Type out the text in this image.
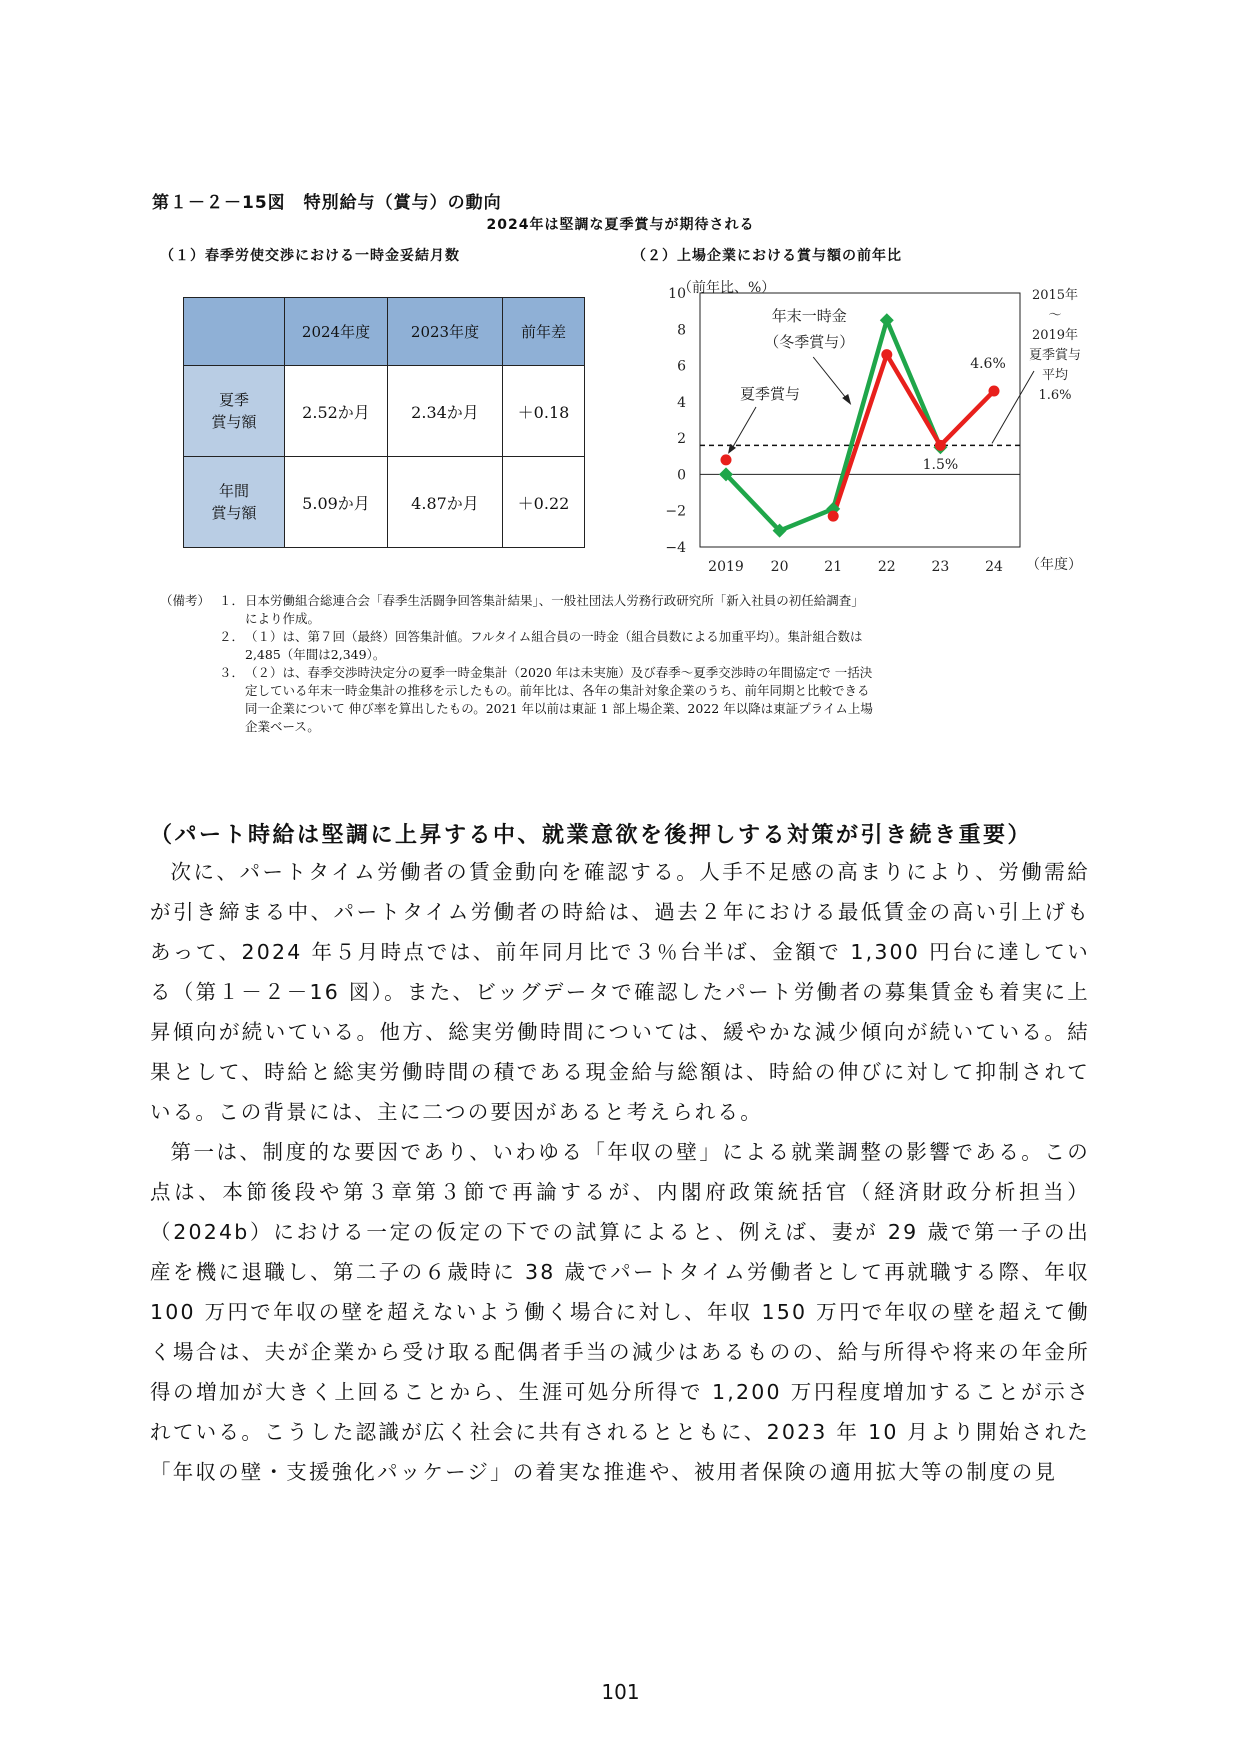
第１－２－15図　特別給与（賞与）の動向
2024年は堅調な夏季賞与が期待される
（１）春季労使交渉における一時金妥結月数	（２）上場企業における賞与額の前年比
	2024年度	2023年度	前年差

夏季
賞与額	2.52か月	2.34か月	＋0.18

年間
賞与額	5.09か月	4.87か月	＋0.22
10
8
6
4
2
0
−2
−4
2019 20	21	22	23	24
（前年比、%）
（年度）
年末一時金
（冬季賞与）
夏季賞与
4.6%
1.5%
2015年
～
2019年
夏季賞与
平均
1.6%
（備考） １． 日本労働組合総連合会「春季生活闘争回答集計結果」、一般社団法人労務行政研究所「新入社員の初任給調査」
により作成。
２． （１）は、第７回（最終）回答集計値。フルタイム組合員の一時金（組合員数による加重平均）。集計組合数は
2,485（年間は2,349）。
３． （２）は、春季交渉時決定分の夏季一時金集計（2020 年は未実施）及び春季～夏季交渉時の年間協定で 一括決
定している年末一時金集計の推移を示したもの。前年比は、各年の集計対象企業のうち、前年同期と比較できる
同一企業について 伸び率を算出したもの。2021 年以前は東証 1 部上場企業、2022 年以降は東証プライム上場
企業ベース。
（パート時給は堅調に上昇する中、就業意欲を後押しする対策が引き続き重要）

次に、パートタイム労働者の賃金動向を確認する。人手不足感の高まりにより、労働需給が引き締まる中、パートタイム労働者の時給は、過去２年における最低賃金の高い引上げもあって、2024 年５月時点では、前年同月比で３％台半ば、金額で 1,300 円台に達している（第１－２－16 図）。また、ビッグデータで確認したパート労働者の募集賃金も着実に上昇傾向が続いている。他方、総実労働時間については、緩やかな減少傾向が続いている。結果として、時給と総実労働時間の積である現金給与総額は、時給の伸びに対して抑制されている。この背景には、主に二つの要因があると考えられる。

第一は、制度的な要因であり、いわゆる「年収の壁」による就業調整の影響である。この点は、本節後段や第３章第３節で再論するが、内閣府政策統括官（経済財政分析担当）（2024b）における一定の仮定の下での試算によると、例えば、妻が 29 歳で第一子の出産を機に退職し、第二子の６歳時に 38 歳でパートタイム労働者として再就職する際、年収 100 万円で年収の壁を超えないよう働く場合に対し、年収 150 万円で年収の壁を超えて働く場合は、夫が企業から受け取る配偶者手当の減少はあるものの、給与所得や将来の年金所得の増加が大きく上回ることから、生涯可処分所得で 1,200 万円程度増加することが示されている。こうした認識が広く社会に共有されるとともに、2023 年 10 月より開始された「年収の壁・支援強化パッケージ」の着実な推進や、被用者保険の適用拡大等の制度の見

101
